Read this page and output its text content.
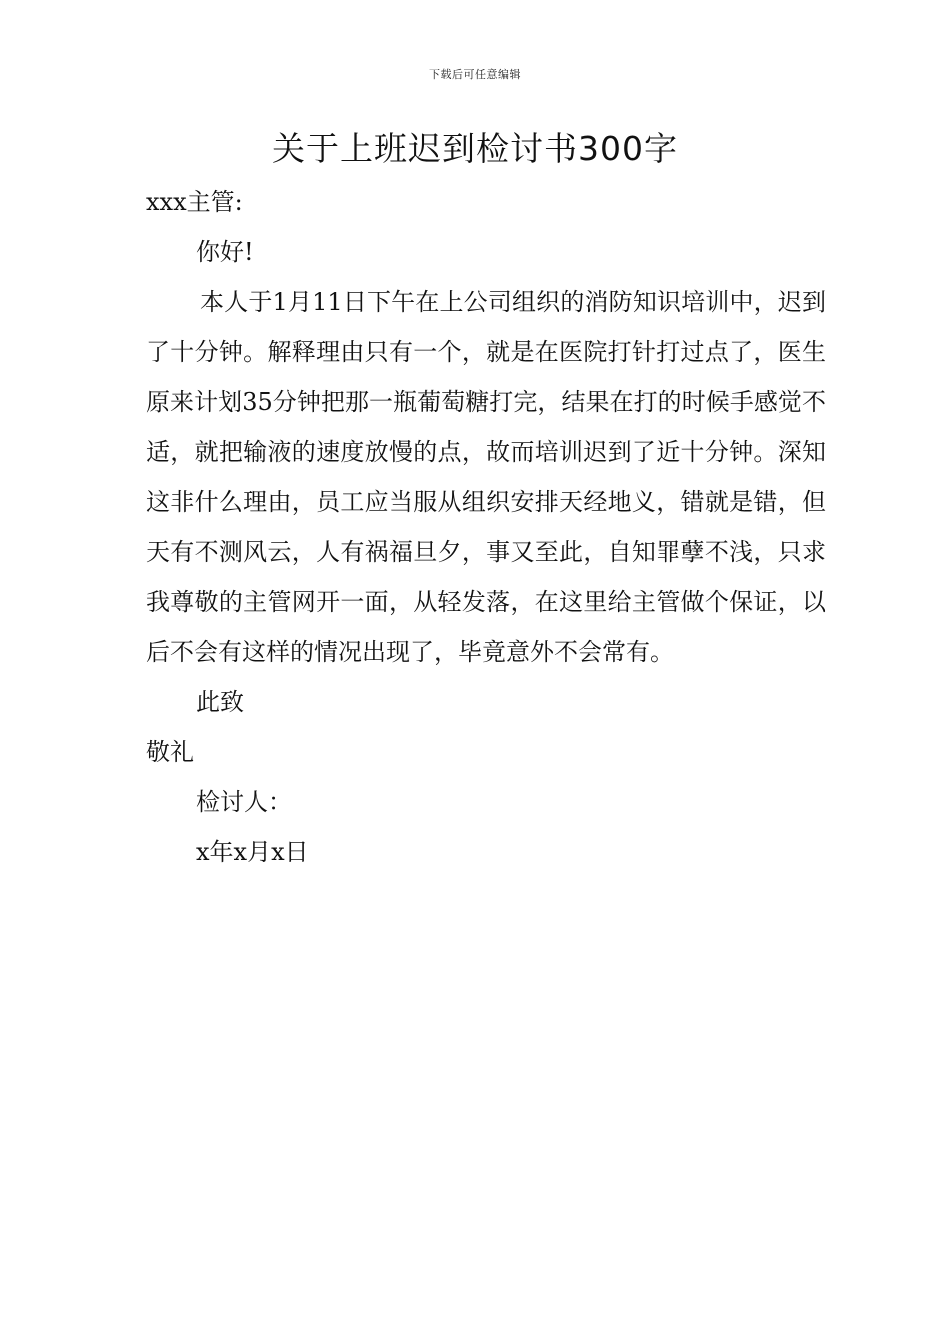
下载后可任意编辑
关于上班迟到检讨书300字
xxx主管:
你好!
本人于1月11日下午在上公司组织的消防知识培训中，迟到了十分钟。解释理由只有一个，就是在医院打针打过点了，医生原来计划35分钟把那一瓶葡萄糖打完，结果在打的时候手感觉不适，就把输液的速度放慢的点，故而培训迟到了近十分钟。深知这非什么理由，员工应当服从组织安排天经地义，错就是错，但天有不测风云，人有祸福旦夕，事又至此，自知罪孽不浅，只求我尊敬的主管网开一面，从轻发落，在这里给主管做个保证，以后不会有这样的情况出现了，毕竟意外不会常有。
此致
敬礼
检讨人：
x年x月x日
